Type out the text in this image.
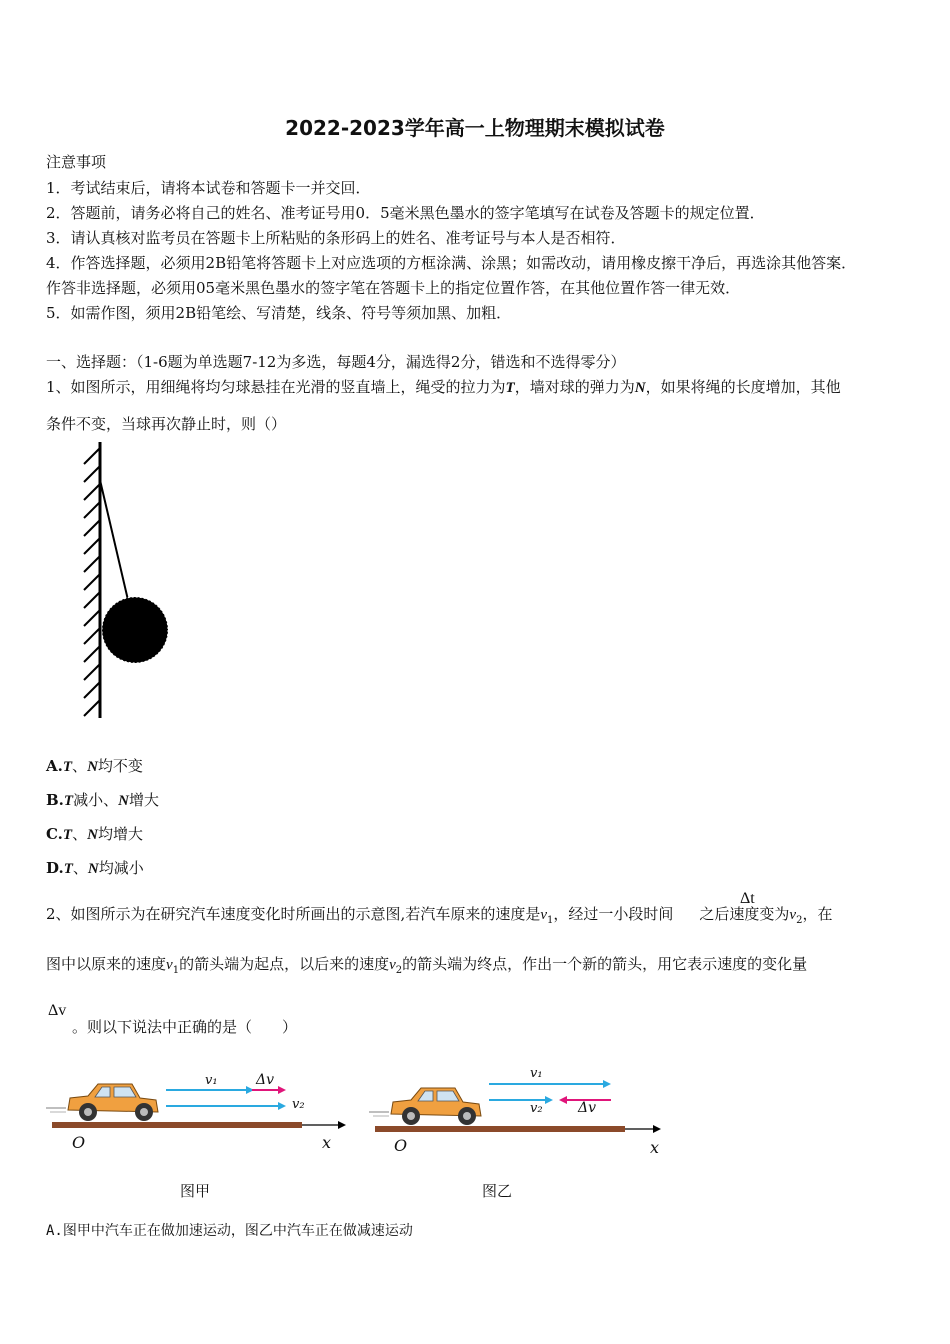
2022-2023学年高一上物理期末模拟试卷
注意事项
1．考试结束后，请将本试卷和答题卡一并交回．
2．答题前，请务必将自己的姓名、准考证号用0．5毫米黑色墨水的签字笔填写在试卷及答题卡的规定位置．
3．请认真核对监考员在答题卡上所粘贴的条形码上的姓名、准考证号与本人是否相符．
4．作答选择题，必须用2B铅笔将答题卡上对应选项的方框涂满、涂黑；如需改动，请用橡皮擦干净后，再选涂其他答案．
作答非选择题，必须用05毫米黑色墨水的签字笔在答题卡上的指定位置作答，在其他位置作答一律无效．
5．如需作图，须用2B铅笔绘、写清楚，线条、符号等须加黑、加粗．
一、选择题：（1-6题为单选题7-12为多选，每题4分，漏选得2分，错选和不选得零分）
1、如图所示，用细绳将均匀球悬挂在光滑的竖直墙上，绳受的拉力为T，墙对球的弹力为N，如果将绳的长度增加，其他
条件不变，当球再次静止时，则（）
A.T、N均不变
B.T减小、N增大
C.T、N均增大
D.T、N均减小
2、如图所示为在研究汽车速度变化时所画出的示意图,若汽车原来的速度是$v_1$，经过一小段时间 之后速度变为$v_2$，在
Δt
图中以原来的速度$v_1$的箭头端为起点，以后来的速度$v_2$的箭头端为终点，作出一个新的箭头，用它表示速度的变化量
Δv
。则以下说法中正确的是（　　）
v₁	Δv
v₂
O	x
图甲
v₁
v₂	Δv
O	x
图乙
A.图甲中汽车正在做加速运动，图乙中汽车正在做减速运动
